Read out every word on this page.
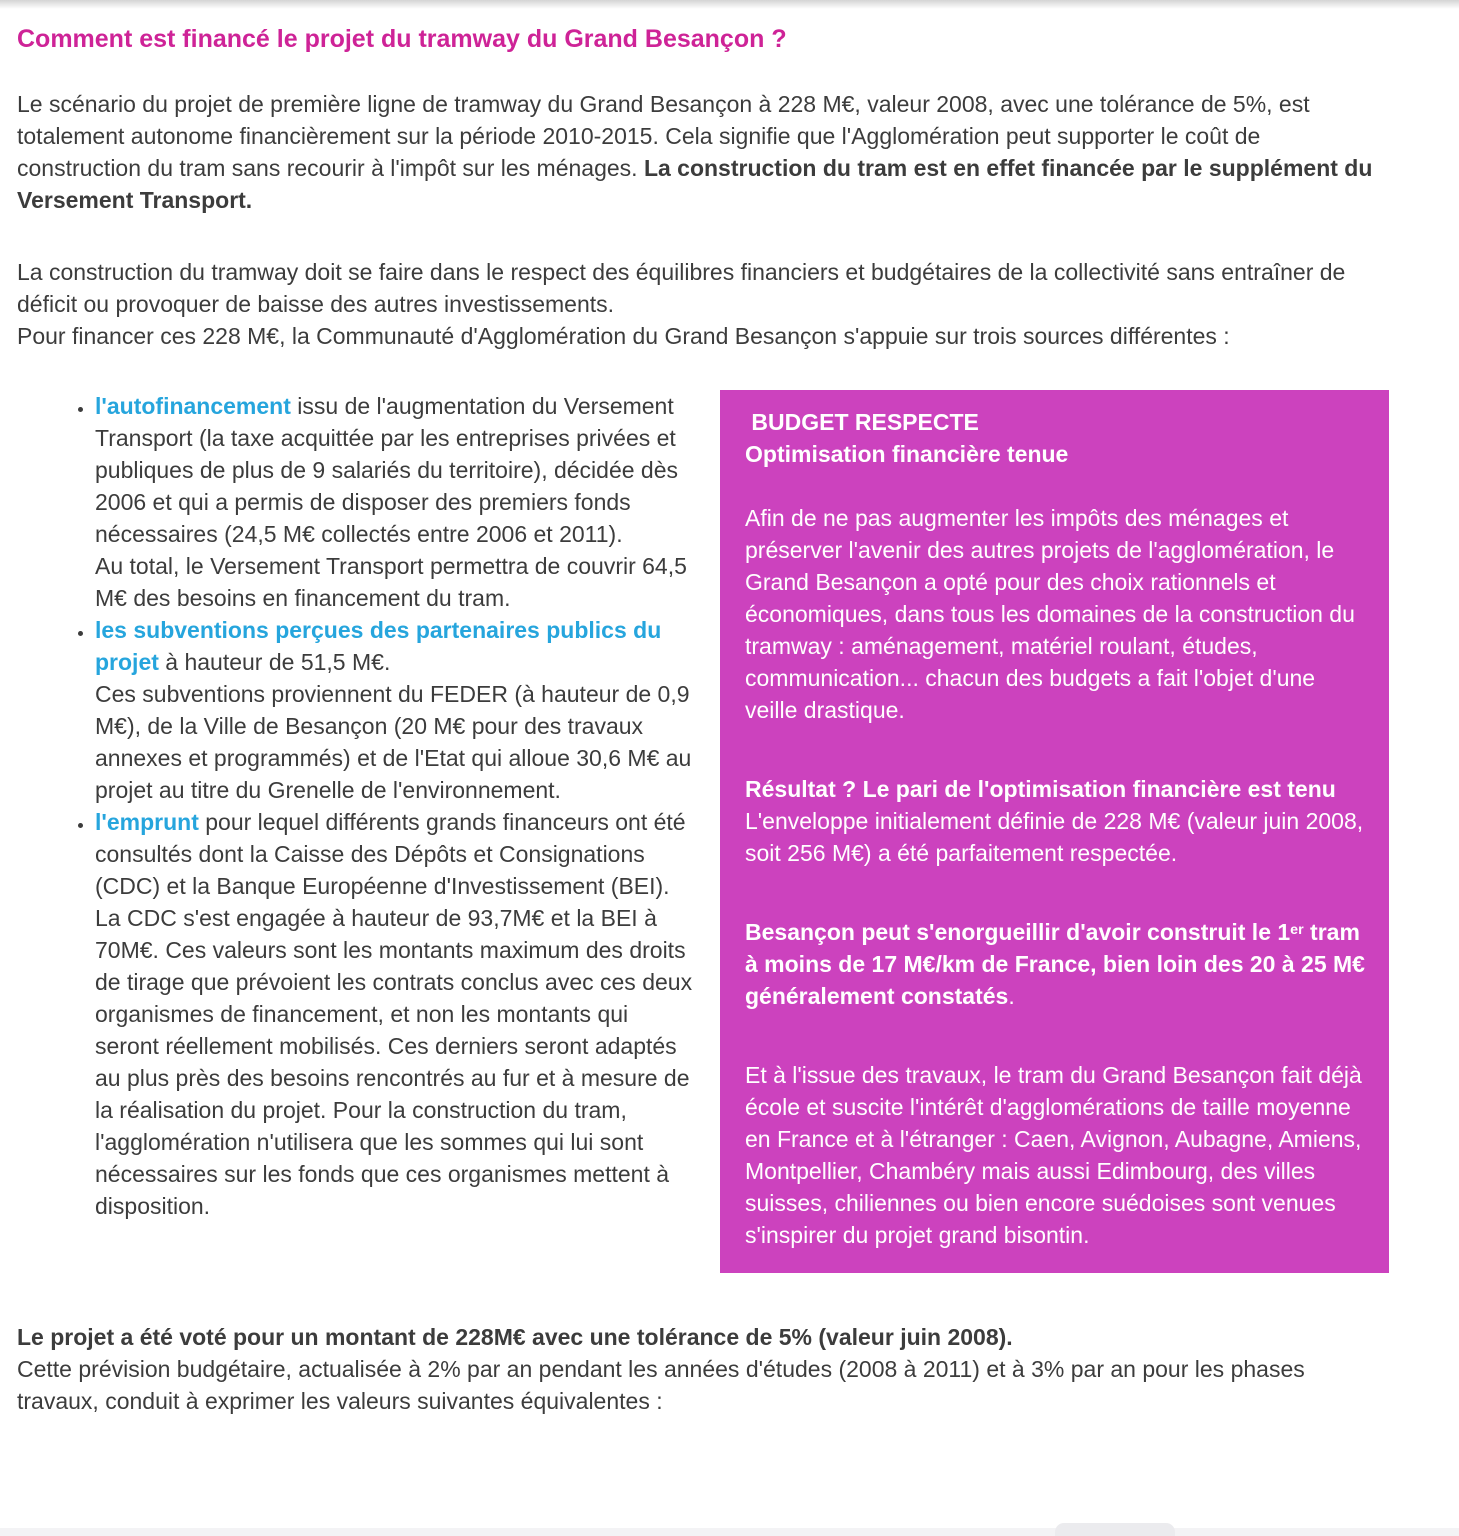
Comment est financé le projet du tramway du Grand Besançon ?

Le scénario du projet de première ligne de tramway du Grand Besançon à 228 M€, valeur 2008, avec une tolérance de 5%, est totalement autonome financièrement sur la période 2010-2015. Cela signifie que l'Agglomération peut supporter le coût de construction du tram sans recourir à l'impôt sur les ménages. La construction du tram est en effet financée par le supplément du Versement Transport.

La construction du tramway doit se faire dans le respect des équilibres financiers et budgétaires de la collectivité sans entraîner de déficit ou provoquer de baisse des autres investissements.
Pour financer ces 228 M€, la Communauté d'Agglomération du Grand Besançon s'appuie sur trois sources différentes :

• l'autofinancement issu de l'augmentation du Versement Transport (la taxe acquittée par les entreprises privées et publiques de plus de 9 salariés du territoire), décidée dès 2006 et qui a permis de disposer des premiers fonds nécessaires (24,5 M€ collectés entre 2006 et 2011).
Au total, le Versement Transport permettra de couvrir 64,5 M€ des besoins en financement du tram.
• les subventions perçues des partenaires publics du projet à hauteur de 51,5 M€.
Ces subventions proviennent du FEDER (à hauteur de 0,9 M€), de la Ville de Besançon (20 M€ pour des travaux annexes et programmés) et de l'Etat qui alloue 30,6 M€ au projet au titre du Grenelle de l'environnement.
• l'emprunt pour lequel différents grands financeurs ont été consultés dont la Caisse des Dépôts et Consignations (CDC) et la Banque Européenne d'Investissement (BEI).
La CDC s'est engagée à hauteur de 93,7M€ et la BEI à 70M€. Ces valeurs sont les montants maximum des droits de tirage que prévoient les contrats conclus avec ces deux organismes de financement, et non les montants qui seront réellement mobilisés. Ces derniers seront adaptés au plus près des besoins rencontrés au fur et à mesure de la réalisation du projet. Pour la construction du tram, l'agglomération n'utilisera que les sommes qui lui sont nécessaires sur les fonds que ces organismes mettent à disposition.

BUDGET RESPECTE
Optimisation financière tenue

Afin de ne pas augmenter les impôts des ménages et préserver l'avenir des autres projets de l'agglomération, le Grand Besançon a opté pour des choix rationnels et économiques, dans tous les domaines de la construction du tramway : aménagement, matériel roulant, études, communication... chacun des budgets a fait l'objet d'une veille drastique.

Résultat ? Le pari de l'optimisation financière est tenu
L'enveloppe initialement définie de 228 M€ (valeur juin 2008, soit 256 M€) a été parfaitement respectée.

Besançon peut s'enorgueillir d'avoir construit le 1er tram à moins de 17 M€/km de France, bien loin des 20 à 25 M€ généralement constatés.

Et à l'issue des travaux, le tram du Grand Besançon fait déjà école et suscite l'intérêt d'agglomérations de taille moyenne en France et à l'étranger : Caen, Avignon, Aubagne, Amiens, Montpellier, Chambéry mais aussi Edimbourg, des villes suisses, chiliennes ou bien encore suédoises sont venues s'inspirer du projet grand bisontin.

Le projet a été voté pour un montant de 228M€ avec une tolérance de 5% (valeur juin 2008).
Cette prévision budgétaire, actualisée à 2% par an pendant les années d'études (2008 à 2011) et à 3% par an pour les phases travaux, conduit à exprimer les valeurs suivantes équivalentes :
